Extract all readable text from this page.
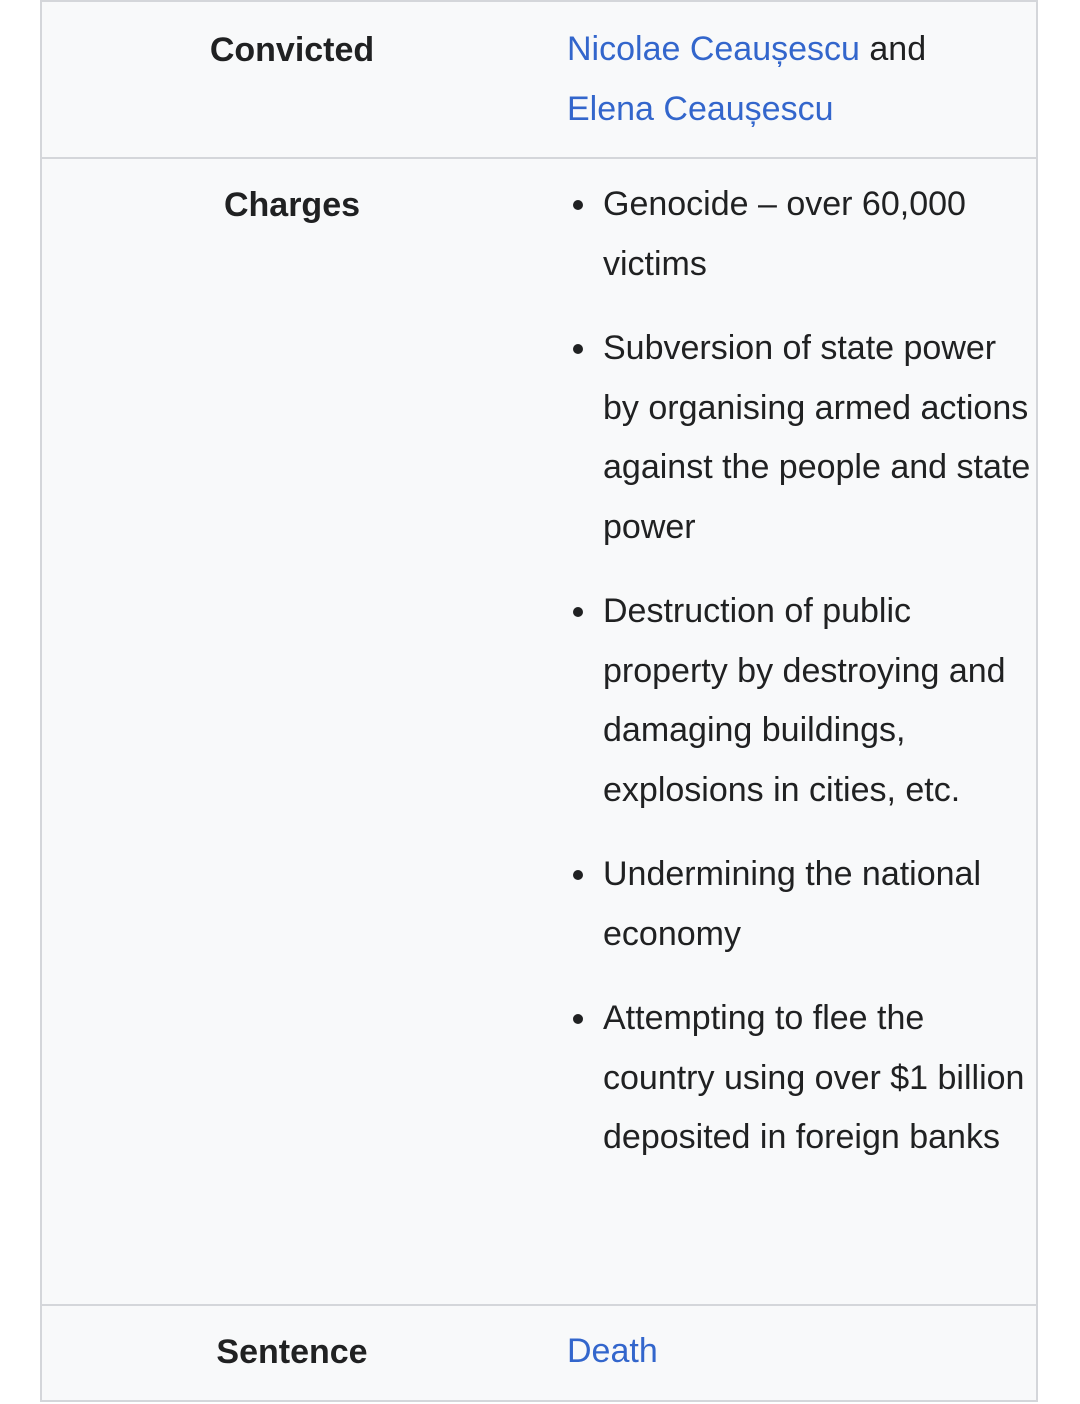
Convicted	Nicolae Ceaușescu and
Elena Ceaușescu
Charges	Genocide – over 60,000 victims
Subversion of state power by organising armed actions against the people and state power
Destruction of public property by destroying and damaging buildings, explosions in cities, etc.
Undermining the national economy
Attempting to flee the country using over $1 billion deposited in foreign banks
Sentence	Death
